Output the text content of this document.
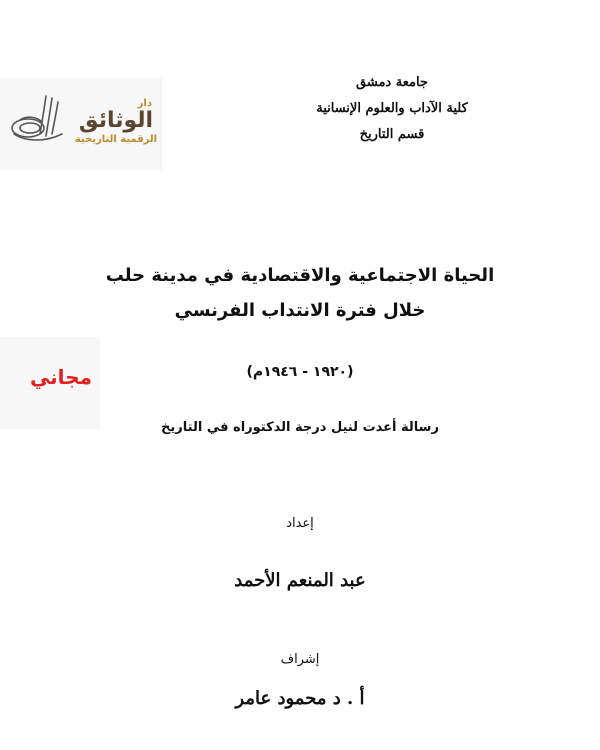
جامعة دمشق
كلية الآداب والعلوم الإنسانية
قسم التاريخ
دار
الوثائق
الرقمية التاريخية
مجاني
الحياة الاجتماعية والاقتصادية في مدينة حلب
خلال فترة الانتداب الفرنسي
(١٩٢٠ - ١٩٤٦م)
رسالة أعدت لنيل درجة الدكتوراه في التاريخ
إعداد
عبد المنعم الأحمد
إشراف
أ . د محمود عامر
